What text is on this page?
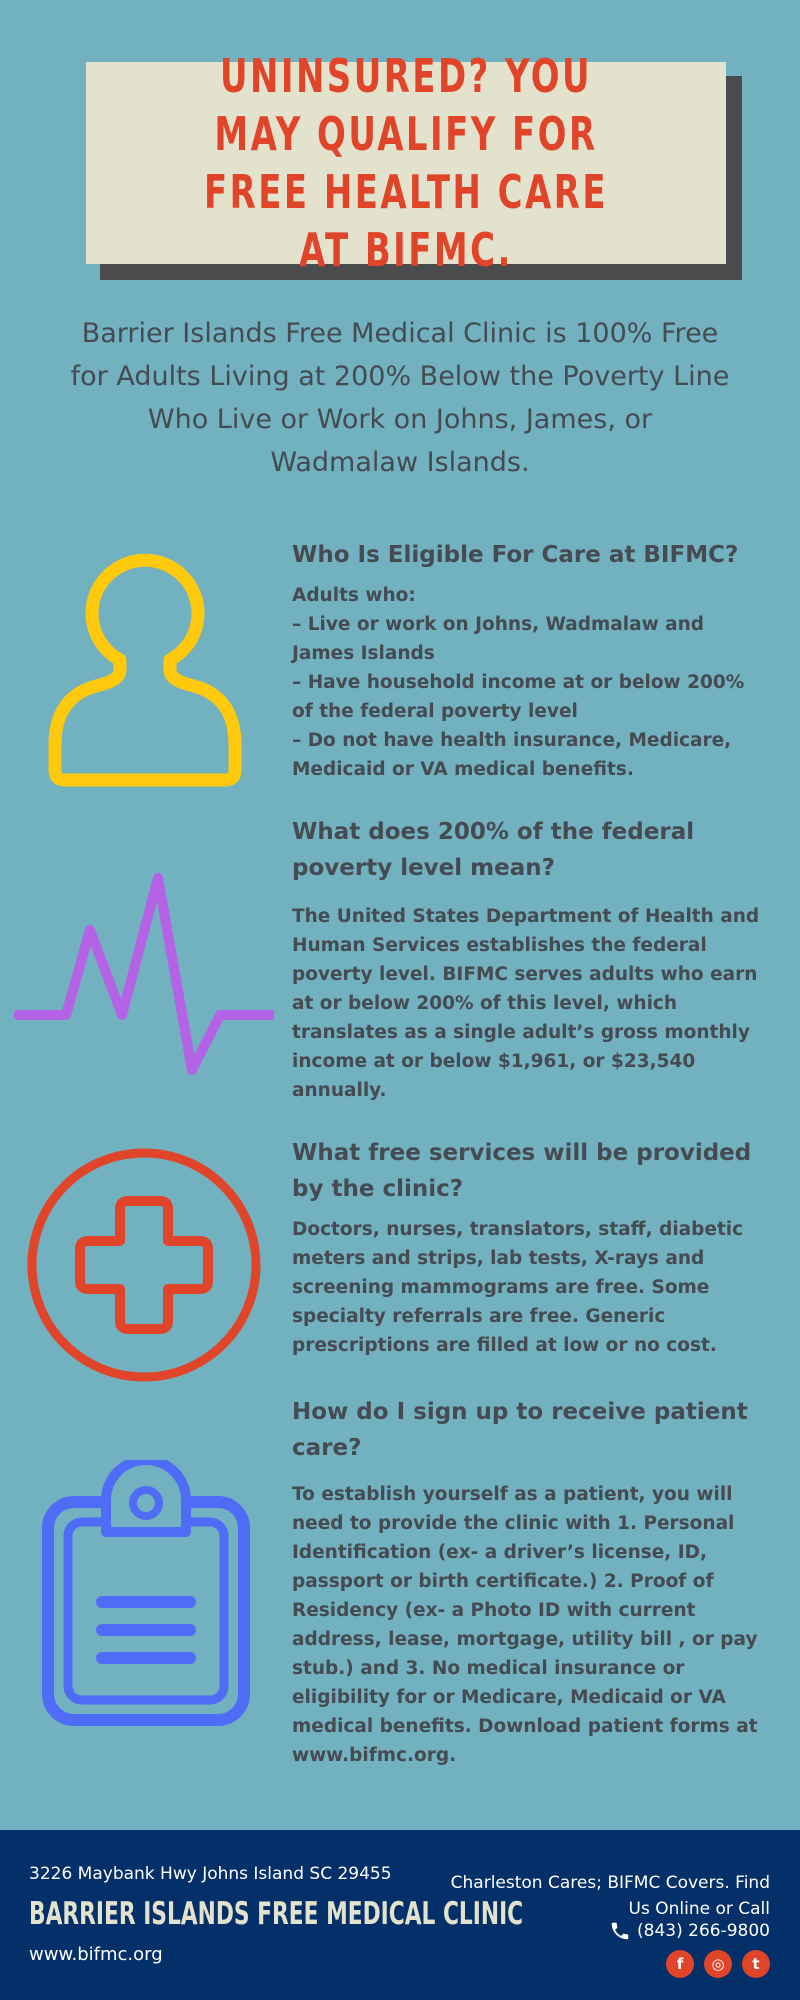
UNINSURED? YOU MAY QUALIFY FOR FREE HEALTH CARE AT BIFMC.
Barrier Islands Free Medical Clinic is 100% Free for Adults Living at 200% Below the Poverty Line Who Live or Work on Johns, James, or Wadmalaw Islands.
Who Is Eligible For Care at BIFMC?

Adults who:
– Live or work on Johns, Wadmalaw and James Islands
– Have household income at or below 200% of the federal poverty level
– Do not have health insurance, Medicare, Medicaid or VA medical benefits.

What does 200% of the federal poverty level mean?

The United States Department of Health and Human Services establishes the federal poverty level. BIFMC serves adults who earn at or below 200% of this level, which translates as a single adult’s gross monthly income at or below $1,961, or $23,540 annually.

What free services will be provided by the clinic?

Doctors, nurses, translators, staff, diabetic meters and strips, lab tests, X-rays and screening mammograms are free. Some specialty referrals are free. Generic prescriptions are filled at low or no cost.

How do I sign up to receive patient care?

To establish yourself as a patient, you will need to provide the clinic with 1. Personal Identification (ex- a driver’s license, ID, passport or birth certificate.) 2. Proof of Residency (ex- a Photo ID with current address, lease, mortgage, utility bill , or pay stub.) and 3. No medical insurance or eligibility for or Medicare, Medicaid or VA medical benefits. Download patient forms at www.bifmc.org.

3226 Maybank Hwy Johns Island SC 29455
BARRIER ISLANDS FREE MEDICAL CLINIC
www.bifmc.org
Charleston Cares; BIFMC Covers. Find Us Online or Call
(843) 266-9800
f	◎	t
